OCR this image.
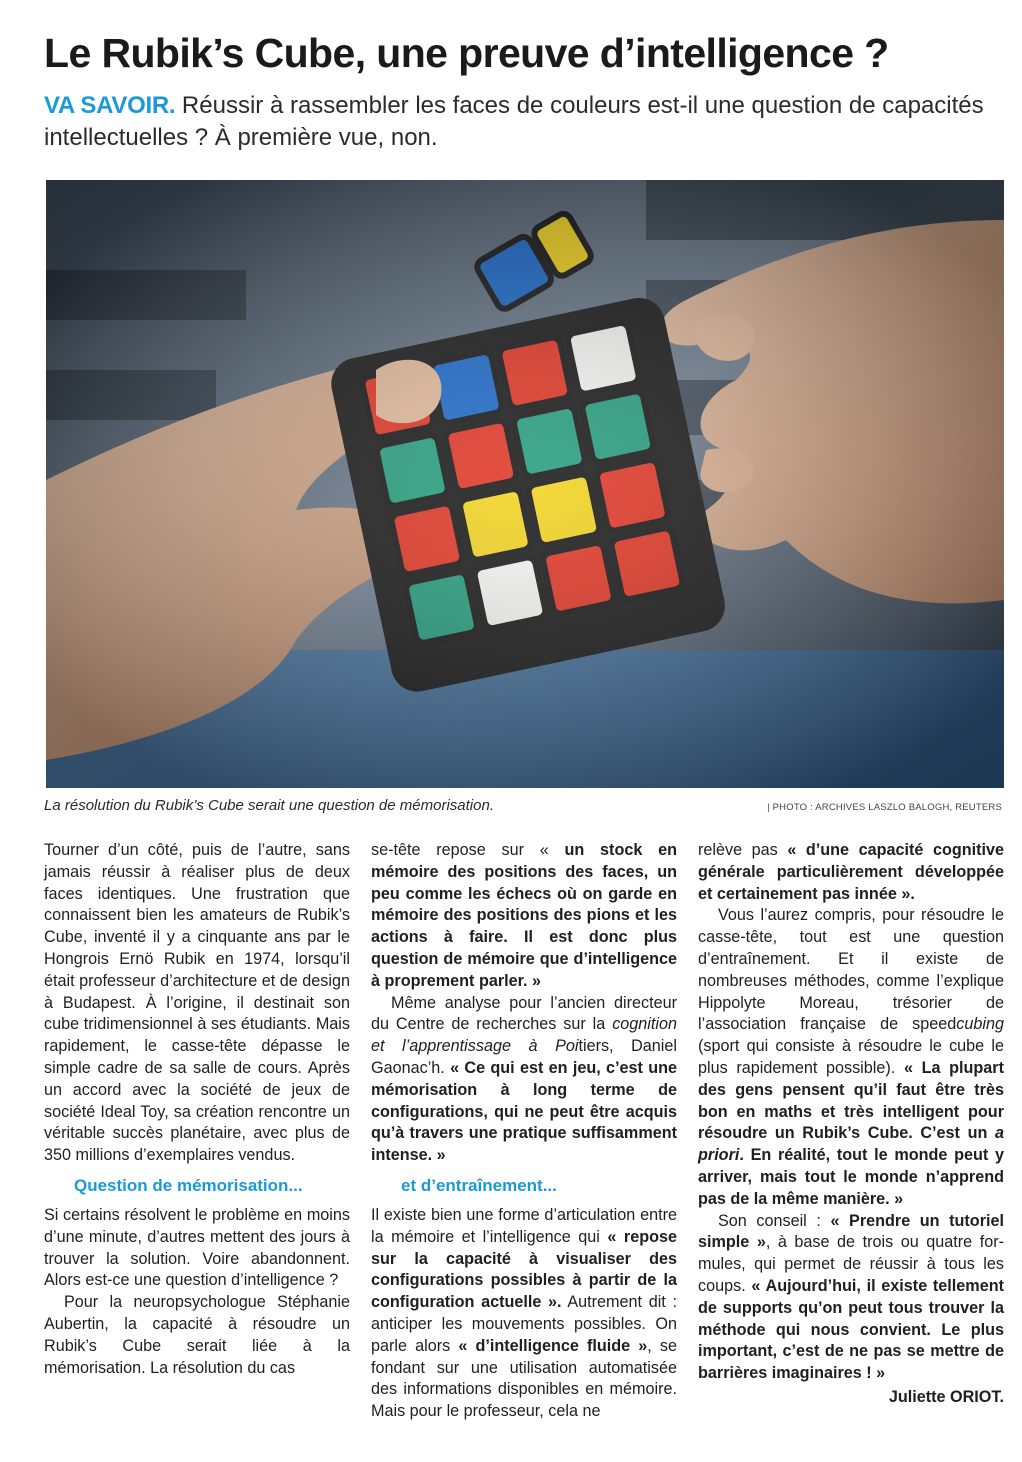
Le Rubik’s Cube, une preuve d’intelligence ?
VA SAVOIR. Réussir à rassembler les faces de couleurs est-il une question de capacités intellectuelles ? À première vue, non.
La résolution du Rubik’s Cube serait une question de mémorisation.	| PHOTO : ARCHIVES LASZLO BALOGH, REUTERS

Tourner d’un côté, puis de l’autre, sans jamais réussir à réaliser plus de deux faces identiques. Une frustration que connaissent bien les amateurs de Rubik’s Cube, inventé il y a cinquante ans par le Hongrois Ernö Rubik en 1974, lorsqu’il était professeur d’architecture et de design à Budapest. À l’origine, il destinait son cube tridimensionnel à ses étudiants. Mais rapidement, le casse-tête dépasse le simple cadre de sa salle de cours. Après un accord avec la société de jeux de société Ideal Toy, sa création rencontre un véritable succès planétaire, avec plus de 350 millions d’exemplaires vendus.

Question de mémorisation...

Si certains résolvent le problème en moins d’une minute, d’autres mettent des jours à trouver la solution. Voire abandonnent. Alors est-ce une question d’intelligence ?

Pour la neuropsychologue Stéphanie Aubertin, la capacité à résoudre un Rubik’s Cube serait liée à la mémorisation. La résolution du cas

se-tête repose sur « un stock en mémoire des positions des faces, un peu comme les échecs où on garde en mémoire des positions des pions et les actions à faire. Il est donc plus question de mémoire que d’intelligence à proprement parler. »

Même analyse pour l’ancien directeur du Centre de recherches sur la cognition et l’apprentissage à Poitiers, Daniel Gaonac’h. « Ce qui est en jeu, c’est une mémorisation à long terme de configurations, qui ne peut être acquis qu’à travers une pratique suffisamment intense. »

et d’entraînement...

Il existe bien une forme d’articulation entre la mémoire et l’intelligence qui « repose sur la capacité à visualiser des configurations possibles à partir de la configuration actuelle ». Autrement dit : anticiper les mouvements possibles. On parle alors « d’intelligence fluide », se fondant sur une utilisation automatisée des informations disponibles en mémoire. Mais pour le professeur, cela ne

relève pas « d’une capacité cognitive générale particulièrement développée et certainement pas innée ».

Vous l’aurez compris, pour résoudre le casse-tête, tout est une question d’entraînement. Et il existe de nombreuses méthodes, comme l’explique Hippolyte Moreau, trésorier de l’association française de speedcubing (sport qui consiste à résoudre le cube le plus rapidement possible). « La plupart des gens pensent qu’il faut être très bon en maths et très intelligent pour résoudre un Rubik’s Cube. C’est un a priori. En réalité, tout le monde peut y arriver, mais tout le monde n’apprend pas de la même manière. »

Son conseil : « Prendre un tutoriel simple », à base de trois ou quatre formules, qui permet de réussir à tous les coups. « Aujourd’hui, il existe tellement de supports qu’on peut tous trouver la méthode qui nous convient. Le plus important, c’est de ne pas se mettre de barrières imaginaires ! »

Juliette ORIOT.
